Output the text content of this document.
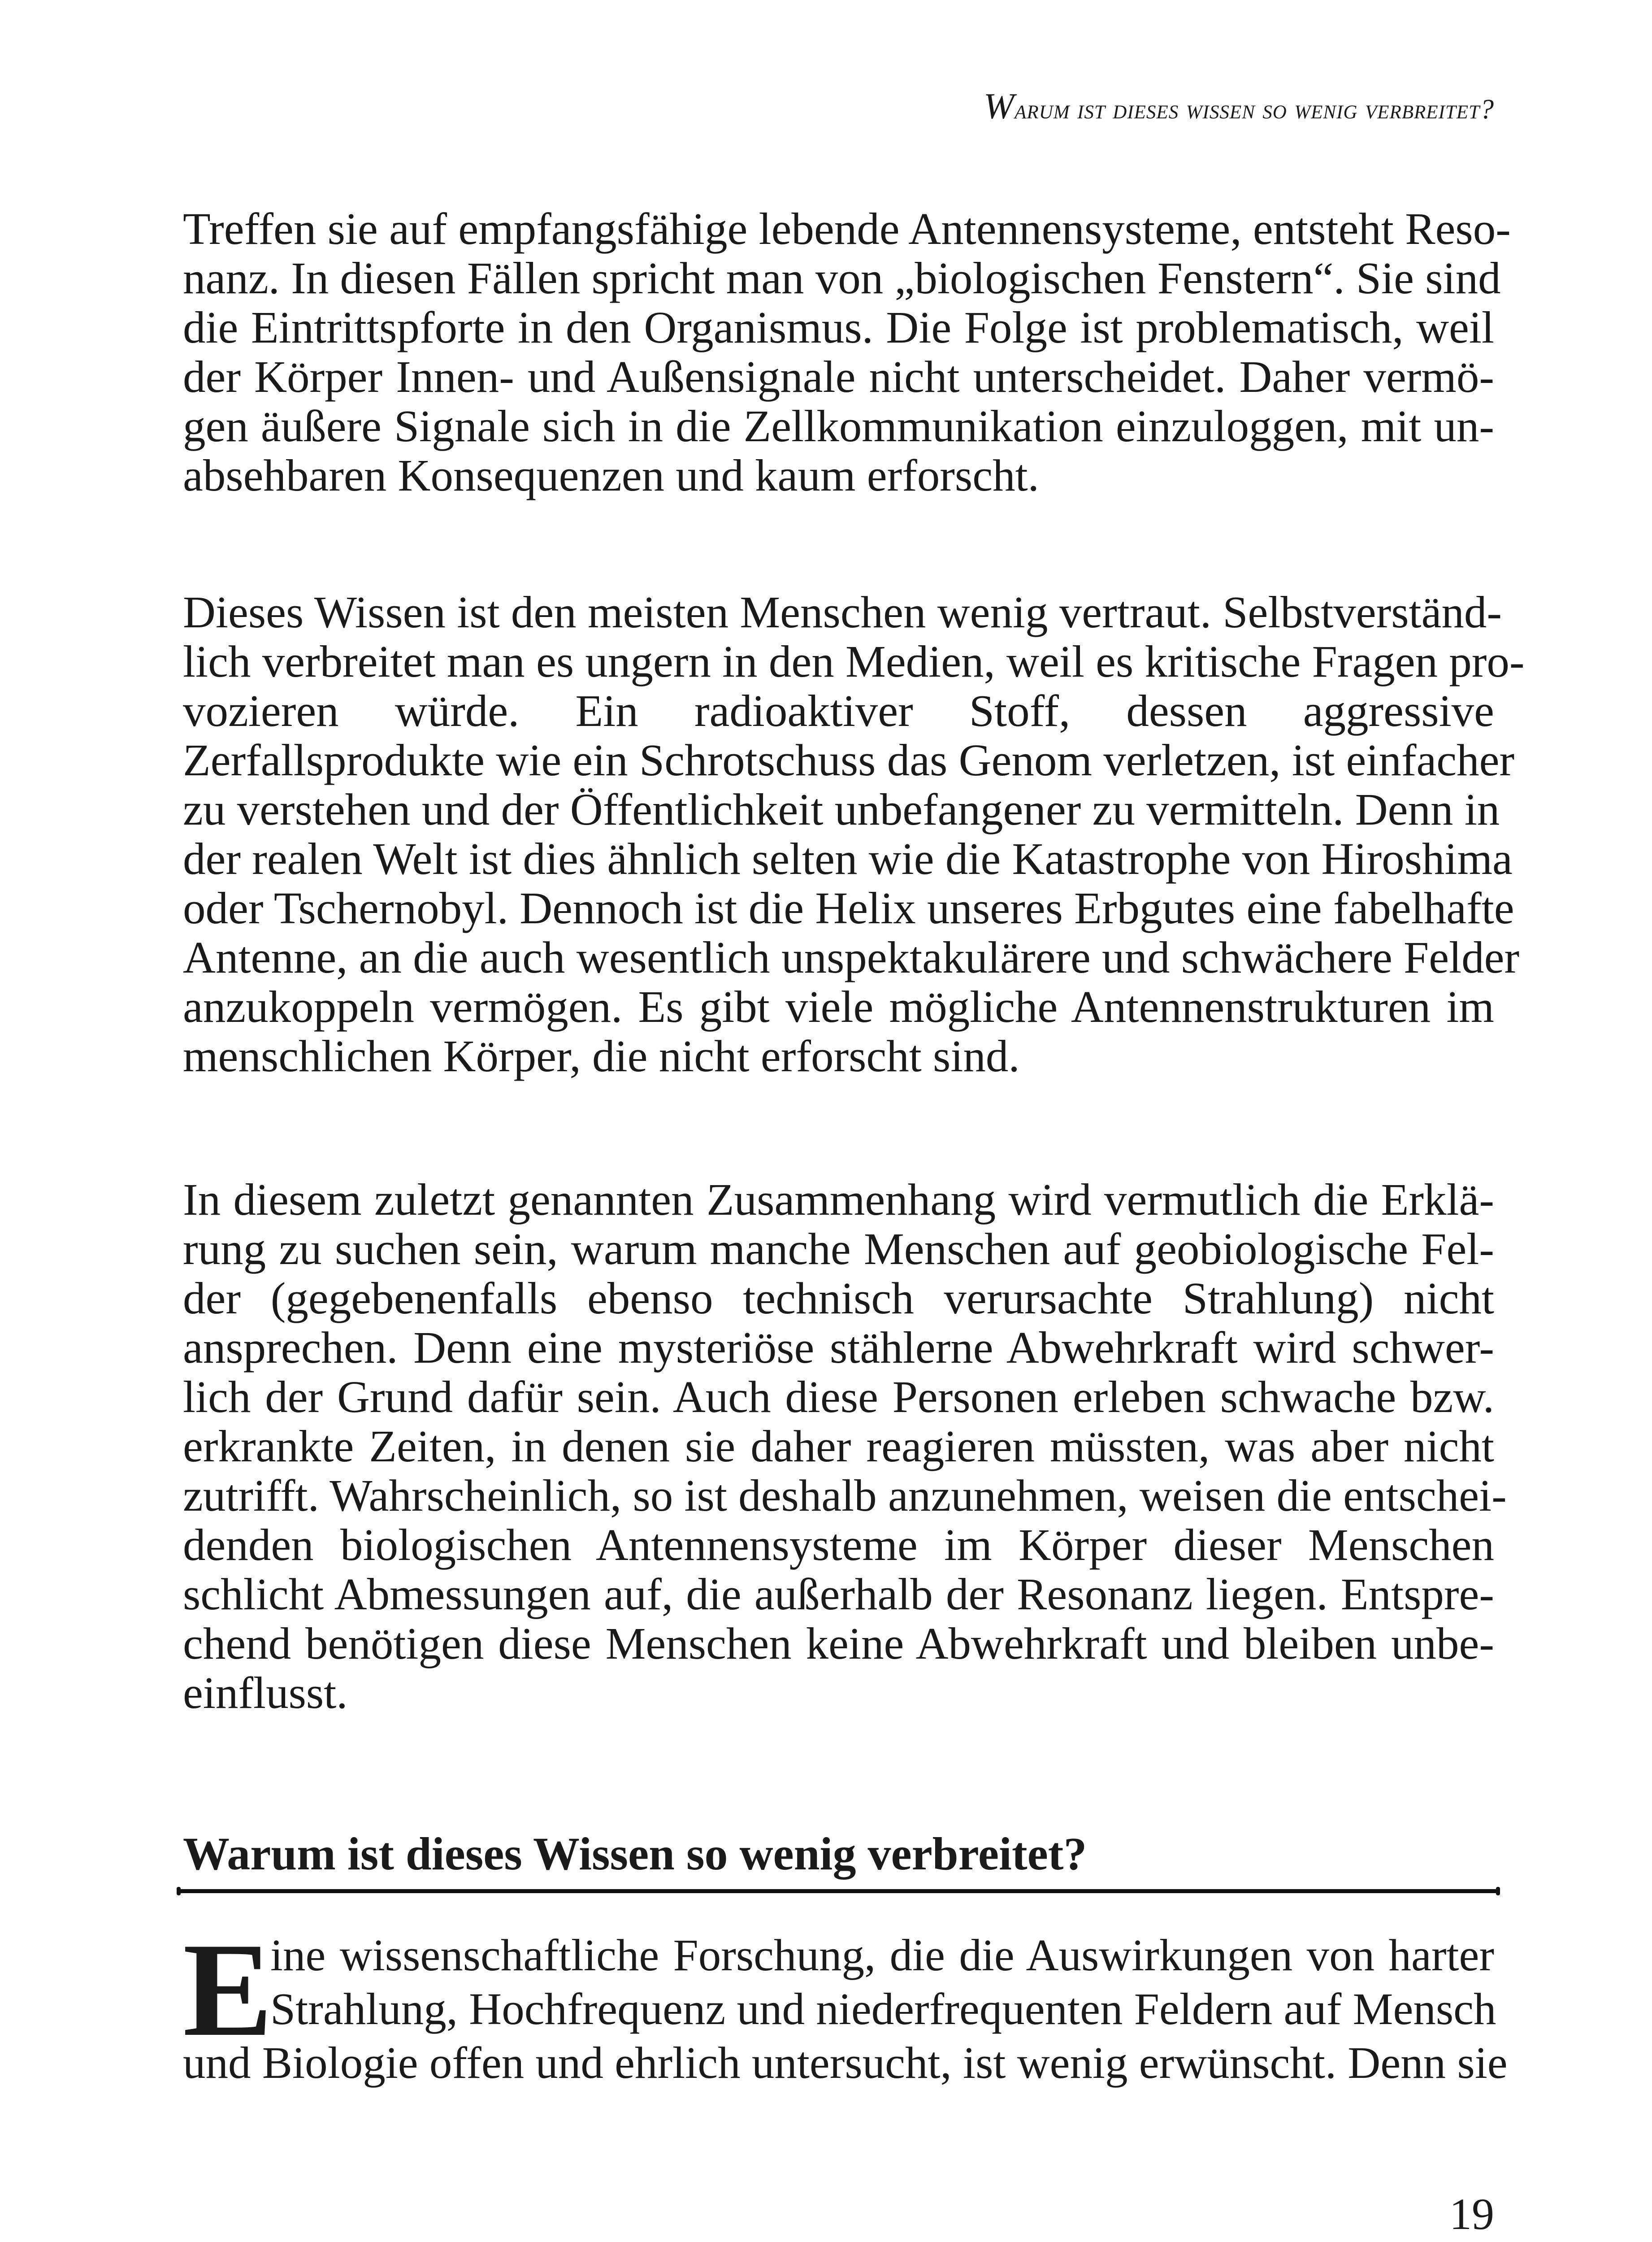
Warum ist dieses wissen so wenig verbreitet?
Treffen sie auf empfangsfähige lebende Antennensysteme, entsteht Reso-
nanz. In diesen Fällen spricht man von „biologischen Fenstern“. Sie sind
die Eintrittspforte in den Organismus. Die Folge ist problematisch, weil
der Körper Innen- und Außensignale nicht unterscheidet. Daher vermö-
gen äußere Signale sich in die Zellkommunikation einzuloggen, mit un-
absehbaren Konsequenzen und kaum erforscht.
Dieses Wissen ist den meisten Menschen wenig vertraut. Selbstverständ-
lich verbreitet man es ungern in den Medien, weil es kritische Fragen pro-
vozieren würde. Ein radioaktiver Stoff, dessen aggressive
Zerfallsprodukte wie ein Schrotschuss das Genom verletzen, ist einfacher
zu verstehen und der Öffentlichkeit unbefangener zu vermitteln. Denn in
der realen Welt ist dies ähnlich selten wie die Katastrophe von Hiroshima
oder Tschernobyl. Dennoch ist die Helix unseres Erbgutes eine fabelhafte
Antenne, an die auch wesentlich unspektakulärere und schwächere Felder
anzukoppeln vermögen. Es gibt viele mögliche Antennenstrukturen im
menschlichen Körper, die nicht erforscht sind.
In diesem zuletzt genannten Zusammenhang wird vermutlich die Erklä-
rung zu suchen sein, warum manche Menschen auf geobiologische Fel-
der (gegebenenfalls ebenso technisch verursachte Strahlung) nicht
ansprechen. Denn eine mysteriöse stählerne Abwehrkraft wird schwer-
lich der Grund dafür sein. Auch diese Personen erleben schwache bzw.
erkrankte Zeiten, in denen sie daher reagieren müssten, was aber nicht
zutrifft. Wahrscheinlich, so ist deshalb anzunehmen, weisen die entschei-
denden biologischen Antennensysteme im Körper dieser Menschen
schlicht Abmessungen auf, die außerhalb der Resonanz liegen. Entspre-
chend benötigen diese Menschen keine Abwehrkraft und bleiben unbe-
einflusst.
Warum ist dieses Wissen so wenig verbreitet?
E
ine wissenschaftliche Forschung, die die Auswirkungen von harter
Strahlung, Hochfrequenz und niederfrequenten Feldern auf Mensch
und Biologie offen und ehrlich untersucht, ist wenig erwünscht. Denn sie
19
